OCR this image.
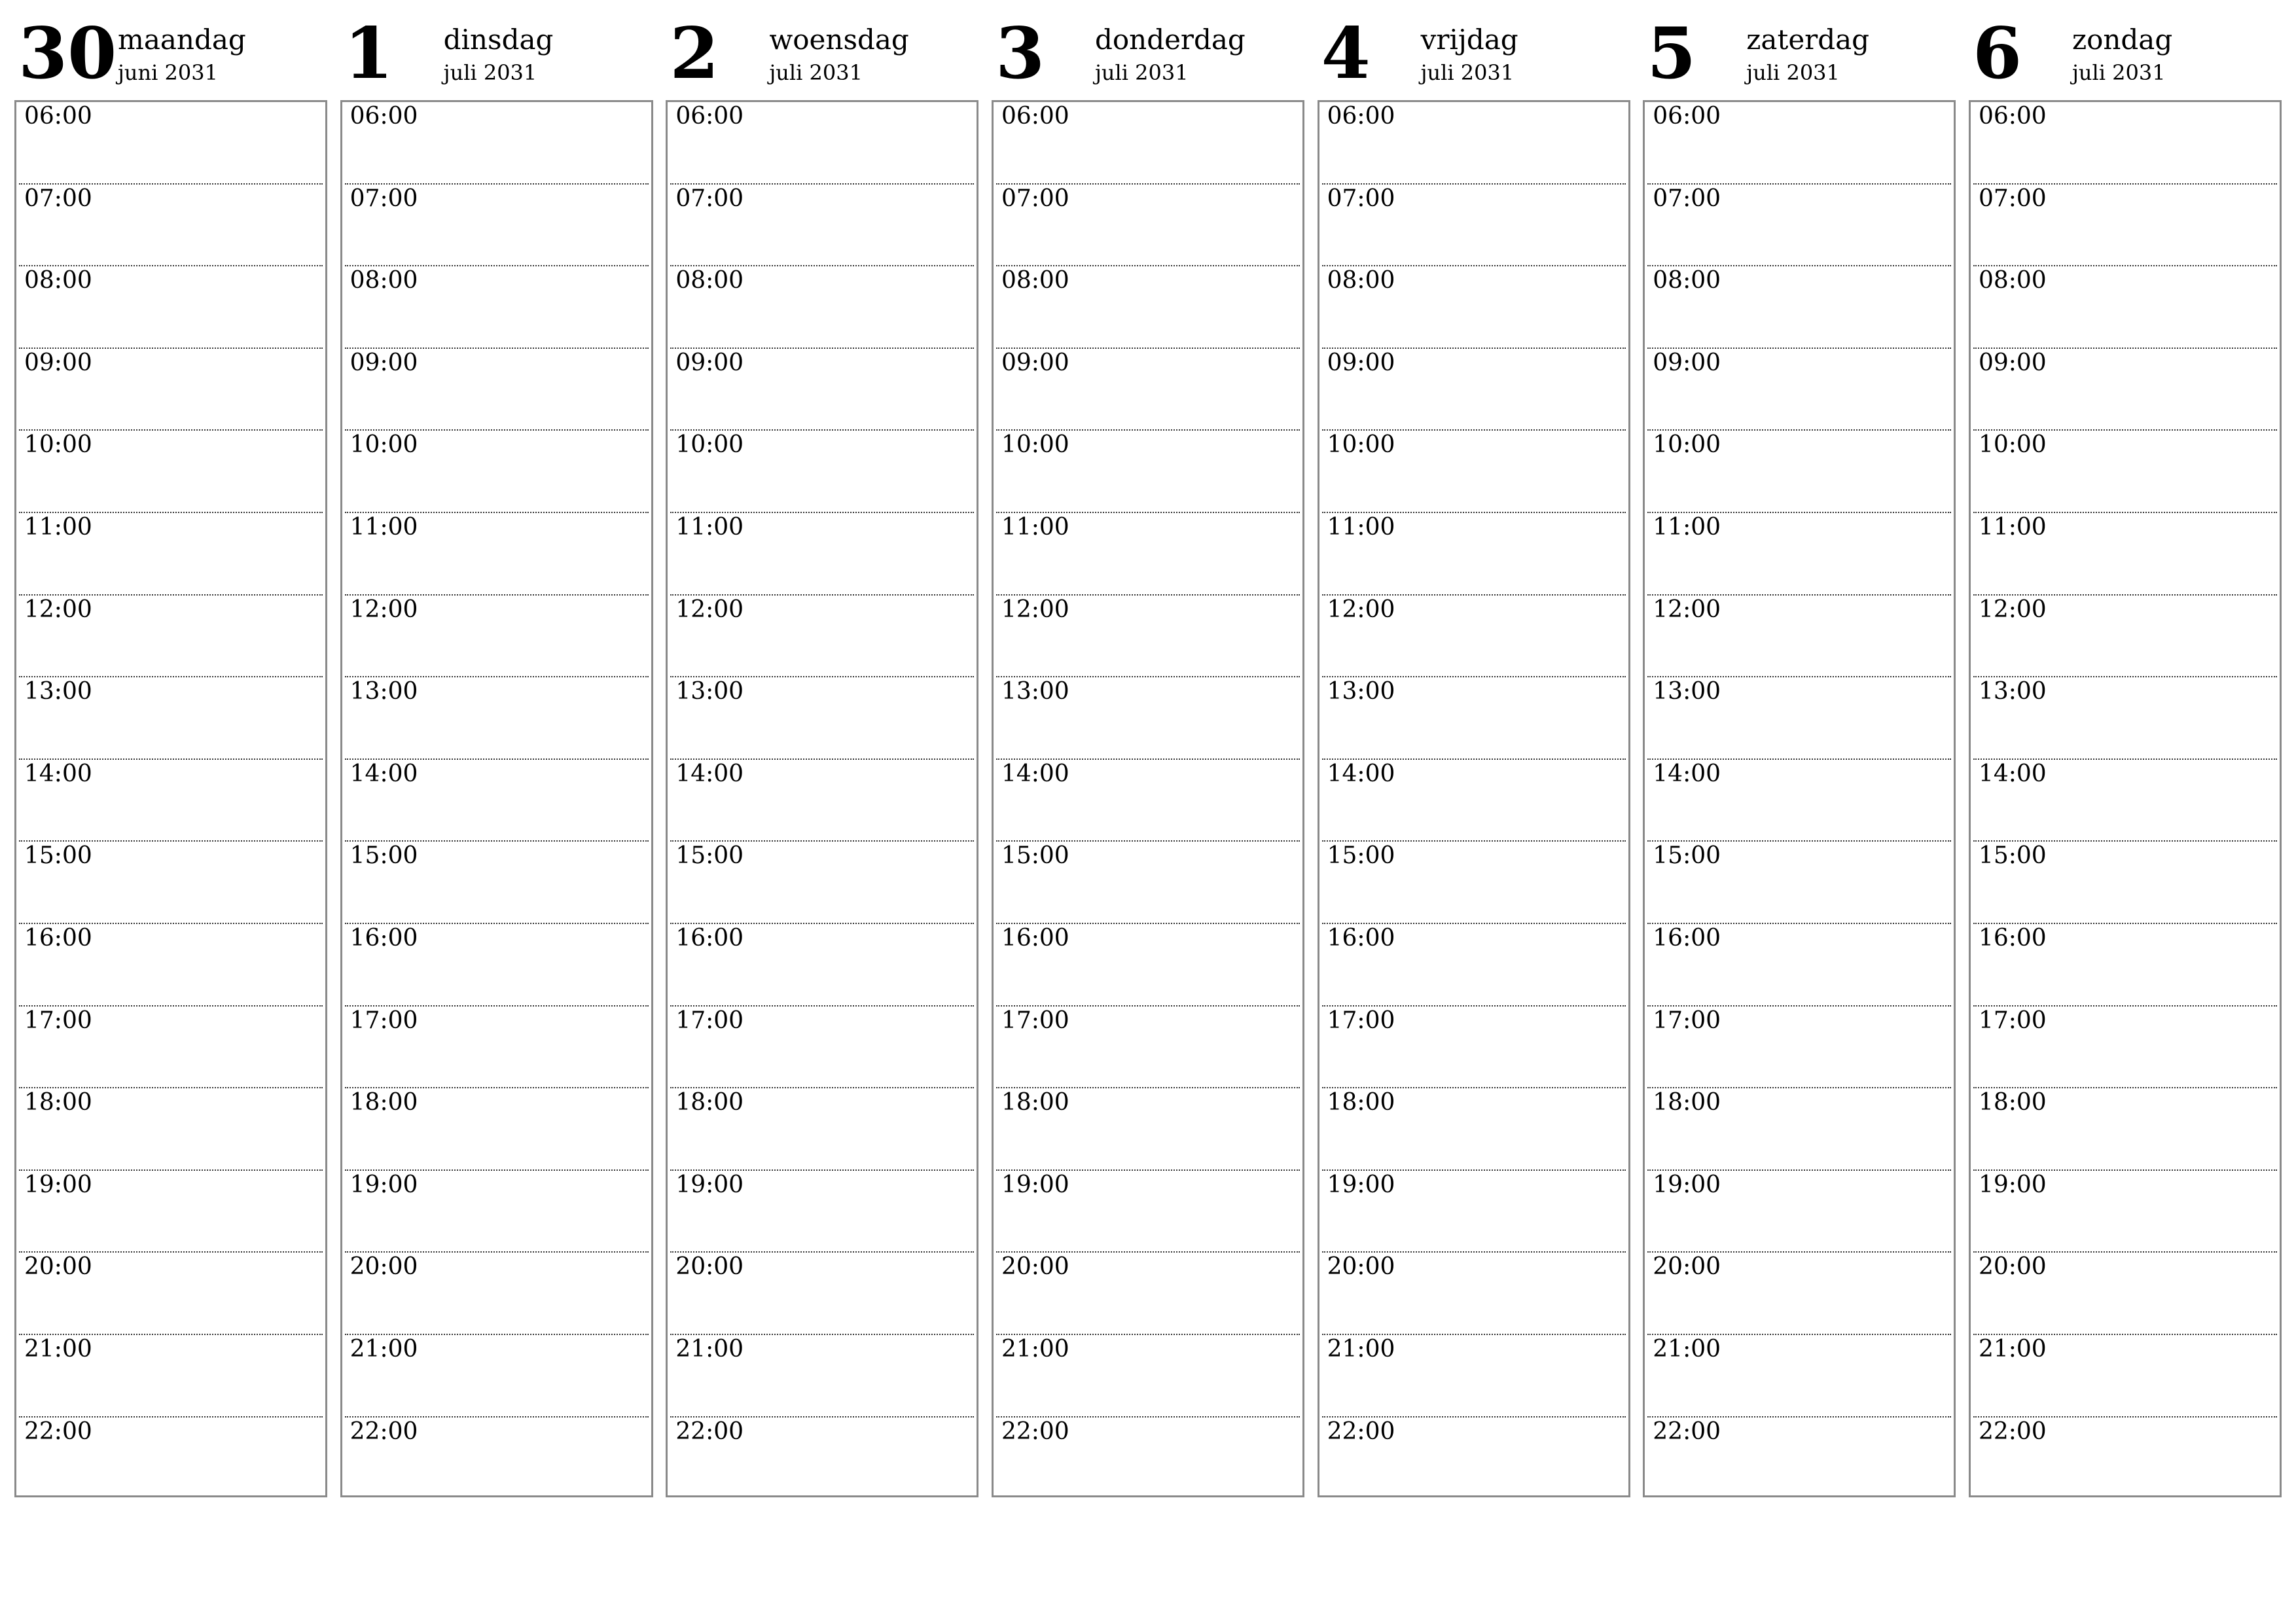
30 maandag
juni 2031
06:00
07:00
08:00
09:00
10:00
11:00
12:00
13:00
14:00
15:00
16:00
17:00
18:00
19:00
20:00
21:00
22:00
1 dinsdag
juli 2031
06:00
07:00
08:00
09:00
10:00
11:00
12:00
13:00
14:00
15:00
16:00
17:00
18:00
19:00
20:00
21:00
22:00
2 woensdag
juli 2031
06:00
07:00
08:00
09:00
10:00
11:00
12:00
13:00
14:00
15:00
16:00
17:00
18:00
19:00
20:00
21:00
22:00
3 donderdag
juli 2031
06:00
07:00
08:00
09:00
10:00
11:00
12:00
13:00
14:00
15:00
16:00
17:00
18:00
19:00
20:00
21:00
22:00
4 vrijdag
juli 2031
06:00
07:00
08:00
09:00
10:00
11:00
12:00
13:00
14:00
15:00
16:00
17:00
18:00
19:00
20:00
21:00
22:00
5 zaterdag
juli 2031
06:00
07:00
08:00
09:00
10:00
11:00
12:00
13:00
14:00
15:00
16:00
17:00
18:00
19:00
20:00
21:00
22:00
6 zondag
juli 2031
06:00
07:00
08:00
09:00
10:00
11:00
12:00
13:00
14:00
15:00
16:00
17:00
18:00
19:00
20:00
21:00
22:00
